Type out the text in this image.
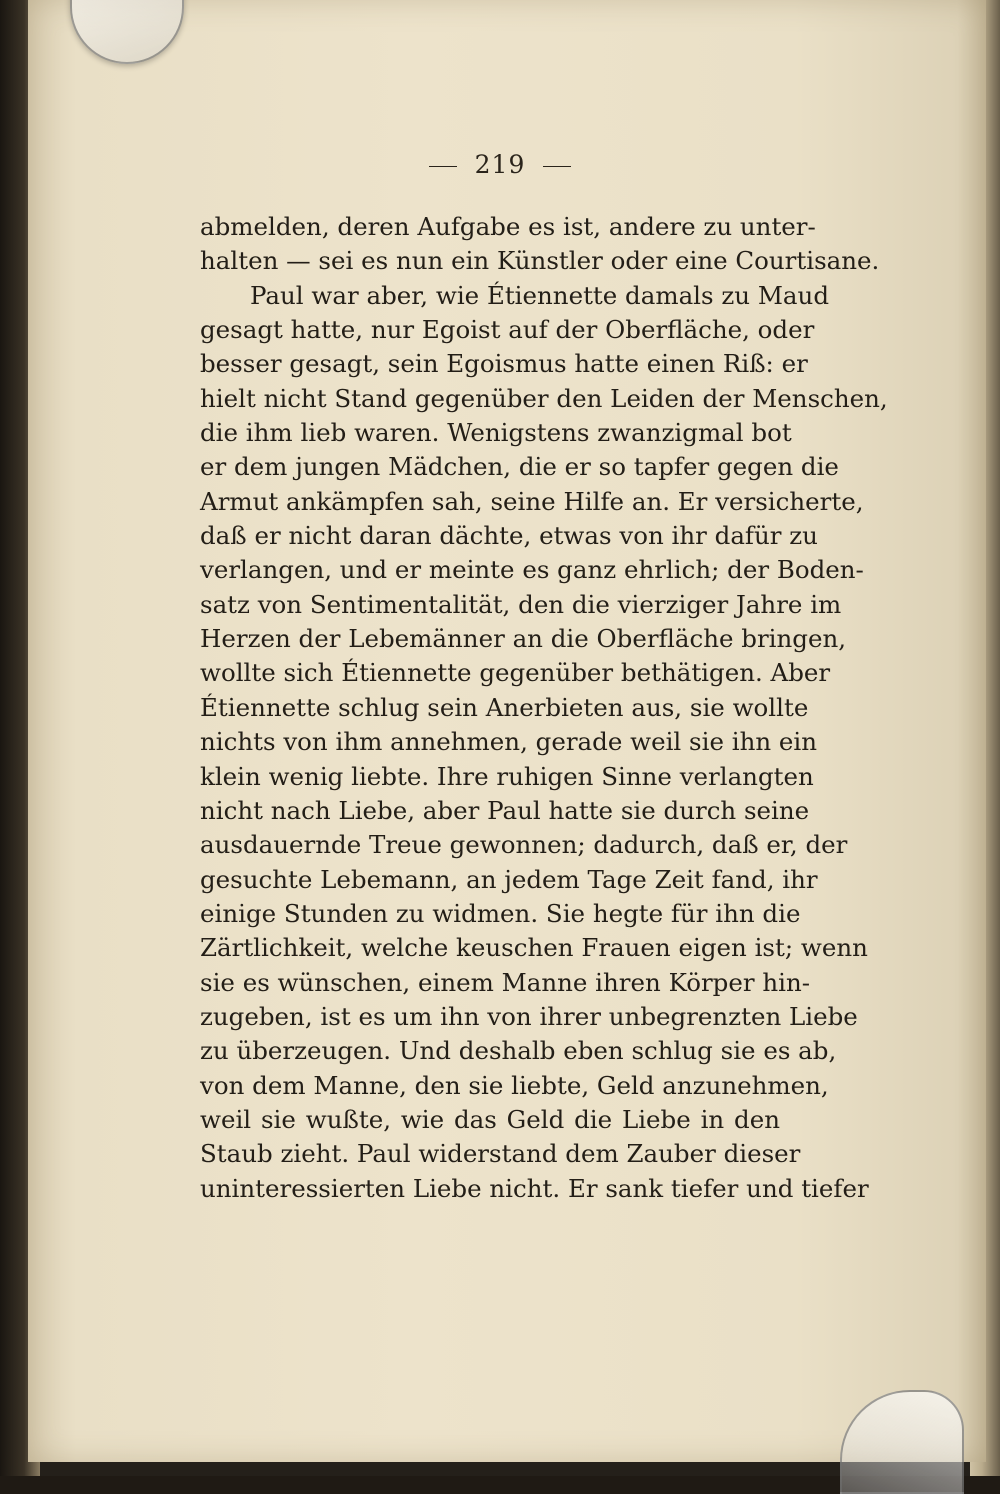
219
abmelden, deren Aufgabe es ist, andere zu unter-
halten — sei es nun ein Künstler oder eine Courtisane.
Paul war aber, wie Étiennette damals zu Maud
gesagt hatte, nur Egoist auf der Oberfläche, oder
besser gesagt, sein Egoismus hatte einen Riß: er
hielt nicht Stand gegenüber den Leiden der Menschen,
die ihm lieb waren. Wenigstens zwanzigmal bot
er dem jungen Mädchen, die er so tapfer gegen die
Armut ankämpfen sah, seine Hilfe an. Er versicherte,
daß er nicht daran dächte, etwas von ihr dafür zu
verlangen, und er meinte es ganz ehrlich; der Boden-
satz von Sentimentalität, den die vierziger Jahre im
Herzen der Lebemänner an die Oberfläche bringen,
wollte sich Étiennette gegenüber bethätigen. Aber
Étiennette schlug sein Anerbieten aus, sie wollte
nichts von ihm annehmen, gerade weil sie ihn ein
klein wenig liebte. Ihre ruhigen Sinne verlangten
nicht nach Liebe, aber Paul hatte sie durch seine
ausdauernde Treue gewonnen; dadurch, daß er, der
gesuchte Lebemann, an jedem Tage Zeit fand, ihr
einige Stunden zu widmen. Sie hegte für ihn die
Zärtlichkeit, welche keuschen Frauen eigen ist; wenn
sie es wünschen, einem Manne ihren Körper hin-
zugeben, ist es um ihn von ihrer unbegrenzten Liebe
zu überzeugen. Und deshalb eben schlug sie es ab,
von dem Manne, den sie liebte, Geld anzunehmen,
weil sie wußte, wie das Geld die Liebe in den
Staub zieht. Paul widerstand dem Zauber dieser
uninteressierten Liebe nicht. Er sank tiefer und tiefer
